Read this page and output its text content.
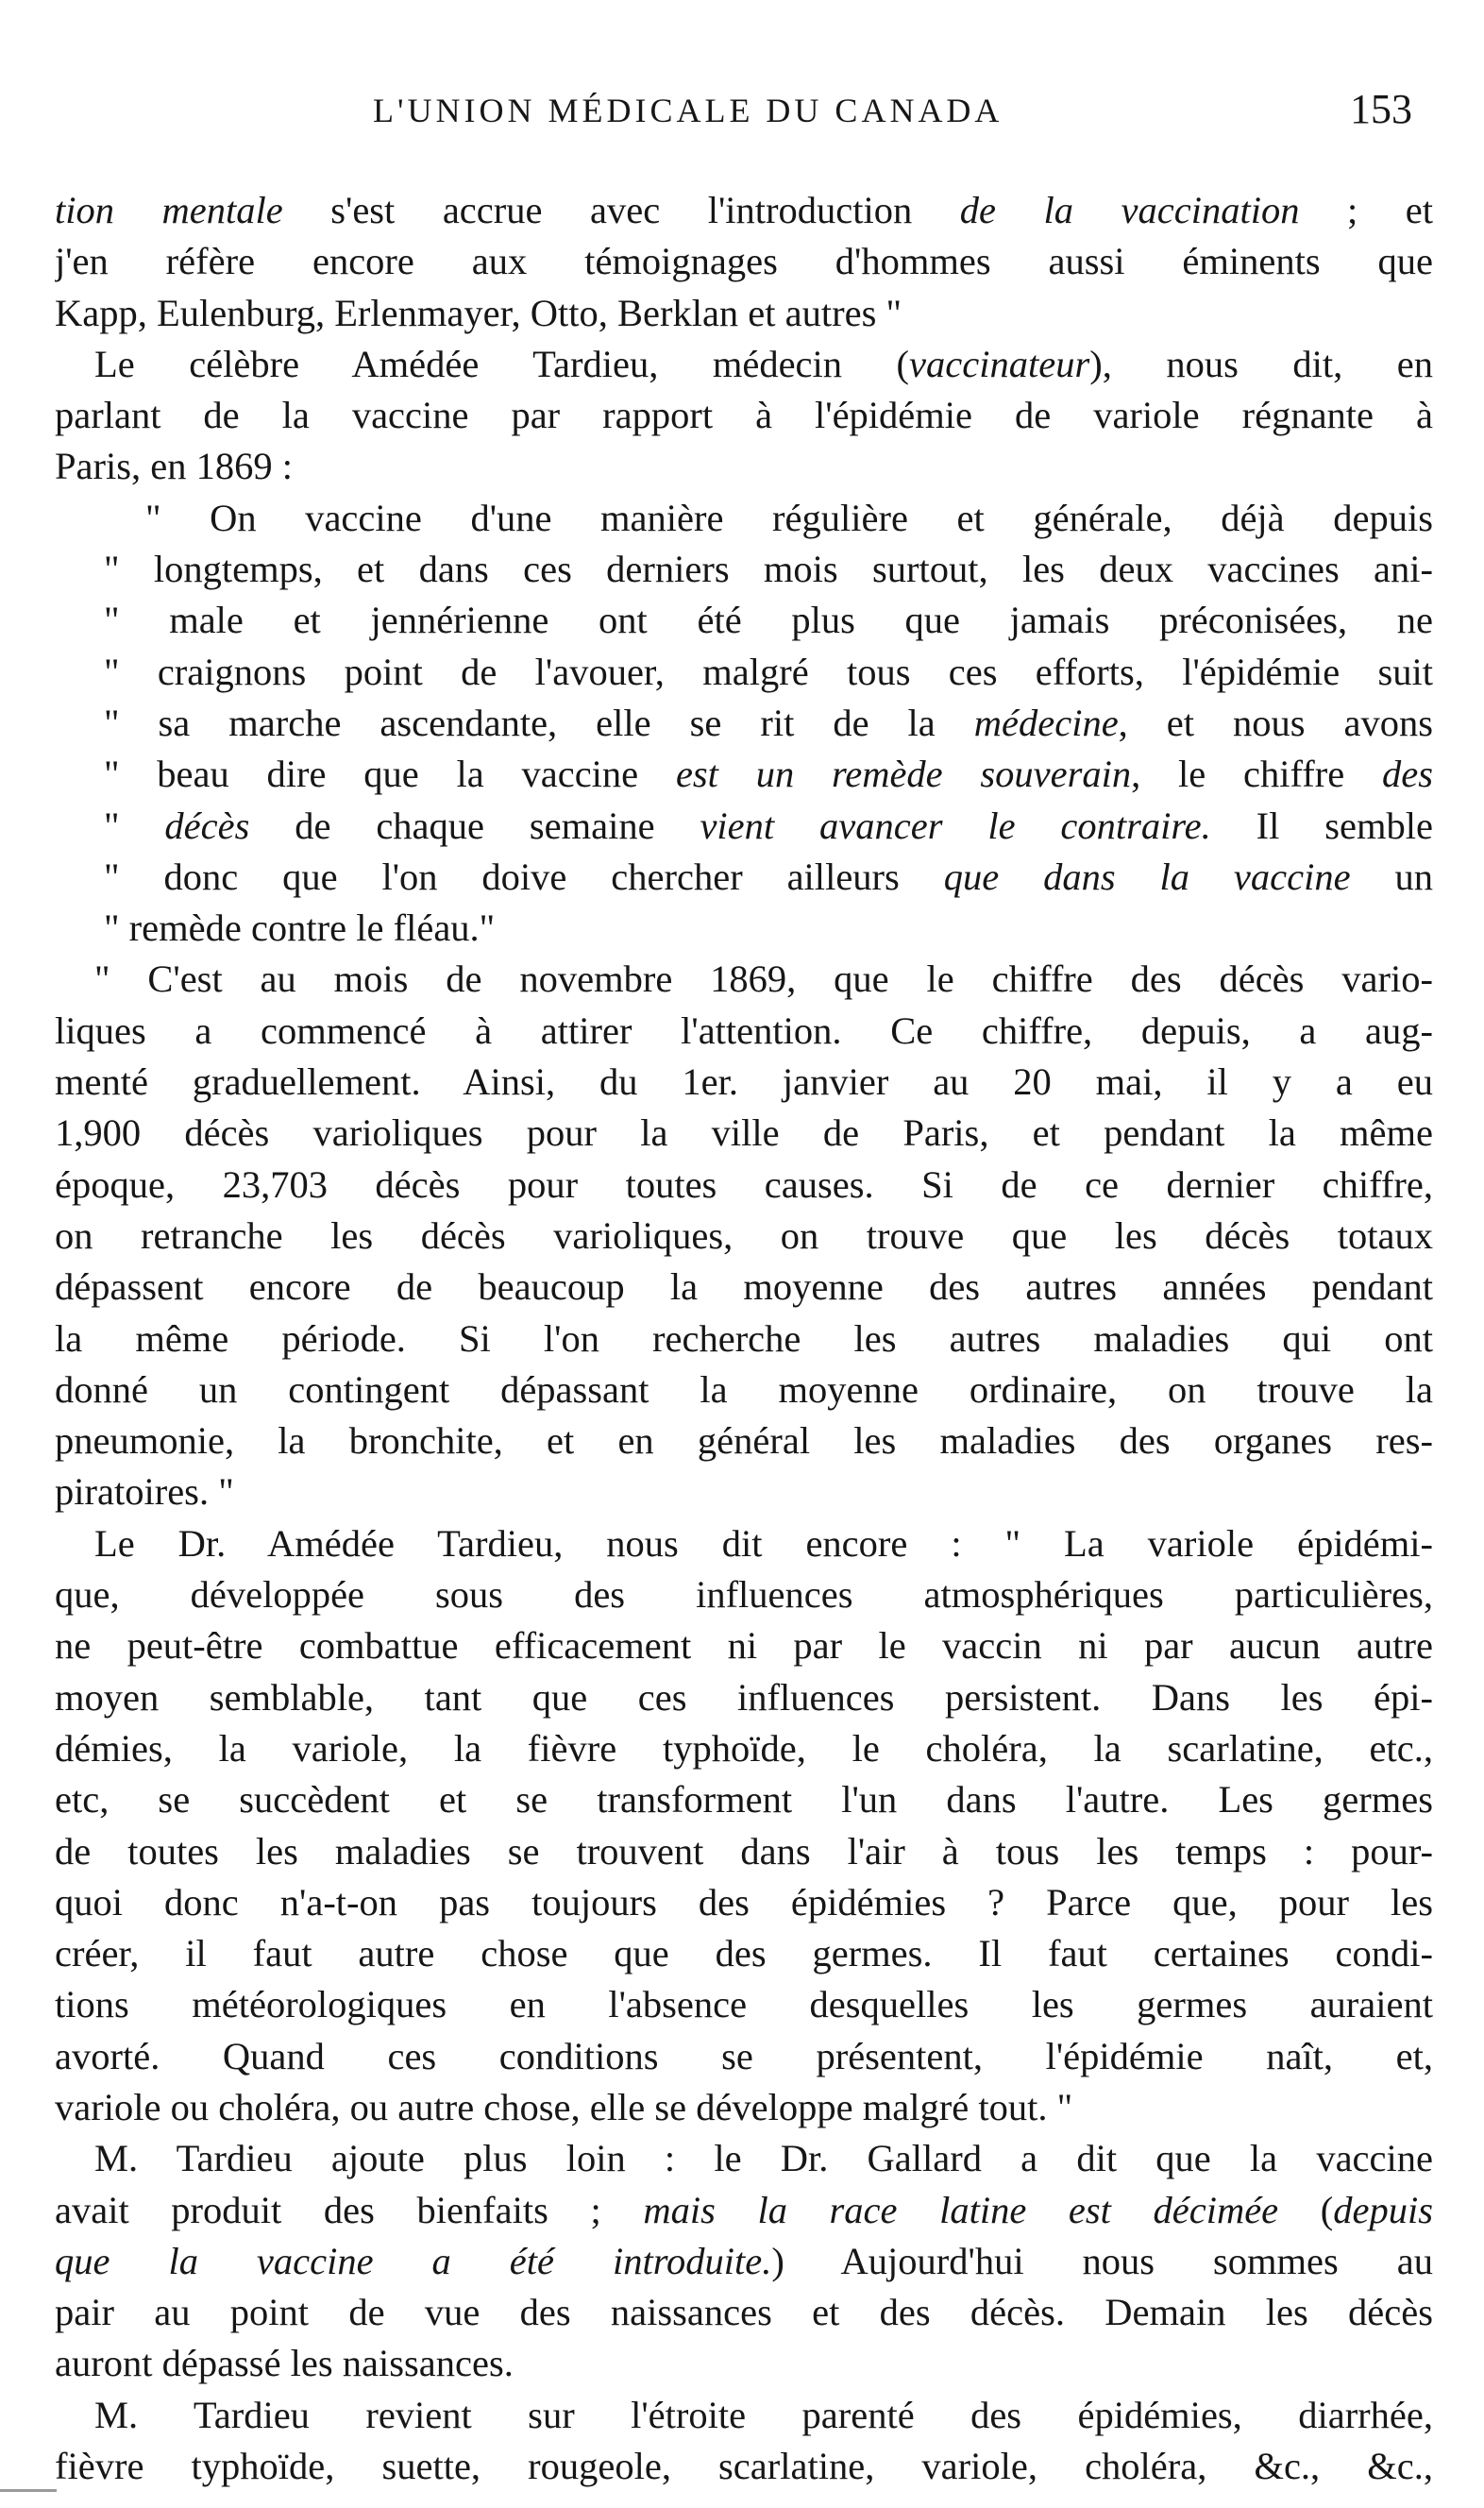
L'UNION MÉDICALE DU CANADA	153
tion mentale s'est accrue avec l'introduction de la vaccination ; et
j'en réfère encore aux témoignages d'hommes aussi éminents que
Kapp, Eulenburg, Erlenmayer, Otto, Berklan et autres "
Le célèbre Amédée Tardieu, médecin (vaccinateur), nous dit, en
parlant de la vaccine par rapport à l'épidémie de variole régnante à
Paris, en 1869 :
" On vaccine d'une manière régulière et générale, déjà depuis
" longtemps, et dans ces derniers mois surtout, les deux vaccines ani-
" male et jennérienne ont été plus que jamais préconisées, ne
" craignons point de l'avouer, malgré tous ces efforts, l'épidémie suit
" sa marche ascendante, elle se rit de la médecine, et nous avons
" beau dire que la vaccine est un remède souverain, le chiffre des
" décès de chaque semaine vient avancer le contraire. Il semble
" donc que l'on doive chercher ailleurs que dans la vaccine un
" remède contre le fléau."
" C'est au mois de novembre 1869, que le chiffre des décès vario-
liques a commencé à attirer l'attention. Ce chiffre, depuis, a aug-
menté graduellement. Ainsi, du 1er. janvier au 20 mai, il y a eu
1,900 décès varioliques pour la ville de Paris, et pendant la même
époque, 23,703 décès pour toutes causes. Si de ce dernier chiffre,
on retranche les décès varioliques, on trouve que les décès totaux
dépassent encore de beaucoup la moyenne des autres années pendant
la même période. Si l'on recherche les autres maladies qui ont
donné un contingent dépassant la moyenne ordinaire, on trouve la
pneumonie, la bronchite, et en général les maladies des organes res-
piratoires. "
Le Dr. Amédée Tardieu, nous dit encore : " La variole épidémi-
que, développée sous des influences atmosphériques particulières,
ne peut-être combattue efficacement ni par le vaccin ni par aucun autre
moyen semblable, tant que ces influences persistent. Dans les épi-
démies, la variole, la fièvre typhoïde, le choléra, la scarlatine, etc.,
etc, se succèdent et se transforment l'un dans l'autre. Les germes
de toutes les maladies se trouvent dans l'air à tous les temps : pour-
quoi donc n'a-t-on pas toujours des épidémies ? Parce que, pour les
créer, il faut autre chose que des germes. Il faut certaines condi-
tions météorologiques en l'absence desquelles les germes auraient
avorté. Quand ces conditions se présentent, l'épidémie naît, et,
variole ou choléra, ou autre chose, elle se développe malgré tout. "
M. Tardieu ajoute plus loin : le Dr. Gallard a dit que la vaccine
avait produit des bienfaits ; mais la race latine est décimée (depuis
que la vaccine a été introduite.) Aujourd'hui nous sommes au
pair au point de vue des naissances et des décès. Demain les décès
auront dépassé les naissances.
M. Tardieu revient sur l'étroite parenté des épidémies, diarrhée,
fièvre typhoïde, suette, rougeole, scarlatine, variole, choléra, &c., &c.,
